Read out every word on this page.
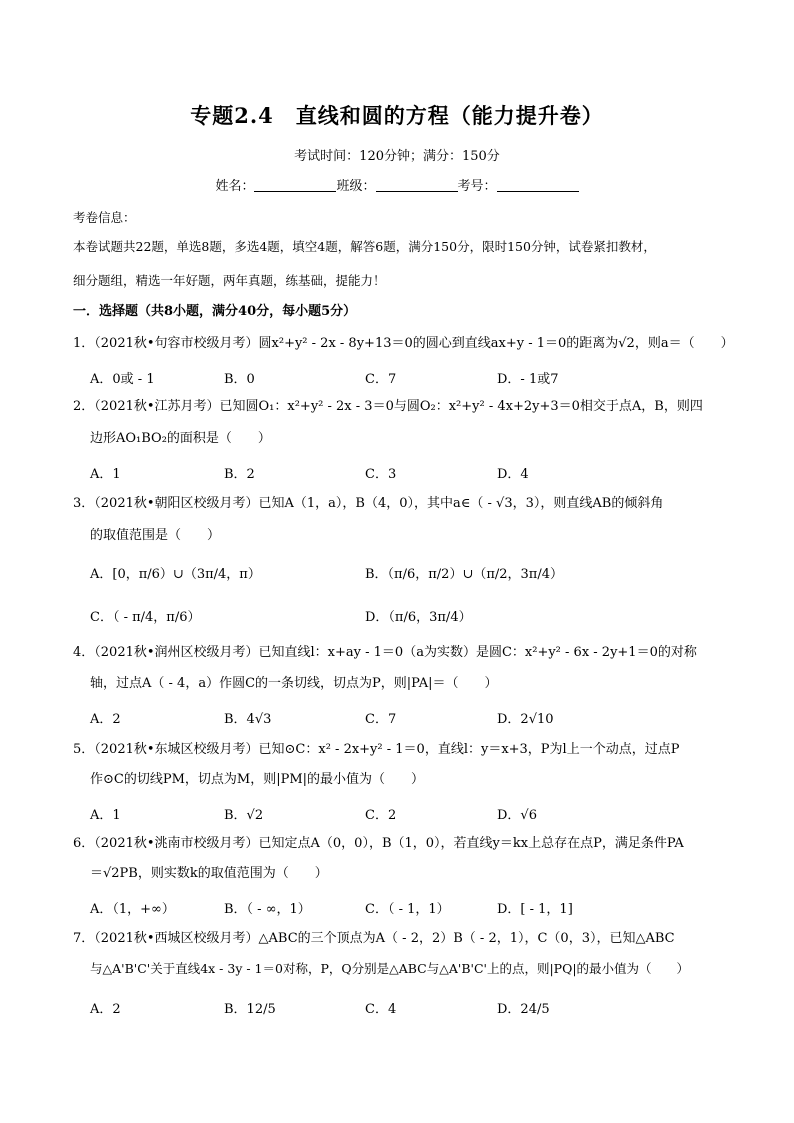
专题2.4　直线和圆的方程（能力提升卷）
考试时间：120分钟；满分：150分
姓名：	班级：	考号：
考卷信息：
本卷试题共22题，单选8题，多选4题，填空4题，解答6题，满分150分，限时150分钟，试卷紧扣教材，
细分题组，精选一年好题，两年真题，练基础，提能力！
一．选择题（共8小题，满分40分，每小题5分）
1．（2021秋•句容市校级月考）圆x²+y² - 2x - 8y+13＝0的圆心到直线ax+y - 1＝0的距离为√2，则a＝（　　）
A．0或 - 1	B．0	C．7	D．- 1或7
2．（2021秋•江苏月考）已知圆O₁：x²+y² - 2x - 3＝0与圆O₂：x²+y² - 4x+2y+3＝0相交于点A，B，则四
边形AO₁BO₂的面积是（　　）
A．1	B．2	C．3	D．4
3．（2021秋•朝阳区校级月考）已知A（1，a），B（4，0），其中a∈（ - √3，3），则直线AB的倾斜角
的取值范围是（　　）
A．[0，π/6）∪（3π/4，π）	B．（π/6，π/2）∪（π/2，3π/4）
C．（ - π/4，π/6）	D．（π/6，3π/4）
4．（2021秋•润州区校级月考）已知直线l：x+ay - 1＝0（a为实数）是圆C：x²+y² - 6x - 2y+1＝0的对称
轴，过点A（ - 4，a）作圆C的一条切线，切点为P，则|PA|＝（　　）
A．2	B．4√3	C．7	D．2√10
5．（2021秋•东城区校级月考）已知⊙C：x² - 2x+y² - 1＝0，直线l：y＝x+3，P为l上一个动点，过点P
作⊙C的切线PM，切点为M，则|PM|的最小值为（　　）
A．1	B．√2	C．2	D．√6
6．（2021秋•洮南市校级月考）已知定点A（0，0），B（1，0），若直线y＝kx上总存在点P，满足条件PA
＝√2PB，则实数k的取值范围为（　　）
A．（1，+∞）	B．（ - ∞，1）	C．（ - 1，1）	D．[ - 1，1]
7．（2021秋•西城区校级月考）△ABC的三个顶点为A（ - 2，2）B（ - 2，1），C（0，3），已知△ABC
与△A'B'C'关于直线4x - 3y - 1＝0对称，P，Q分别是△ABC与△A'B'C'上的点，则|PQ|的最小值为（　　）
A．2	B．12/5	C．4	D．24/5
